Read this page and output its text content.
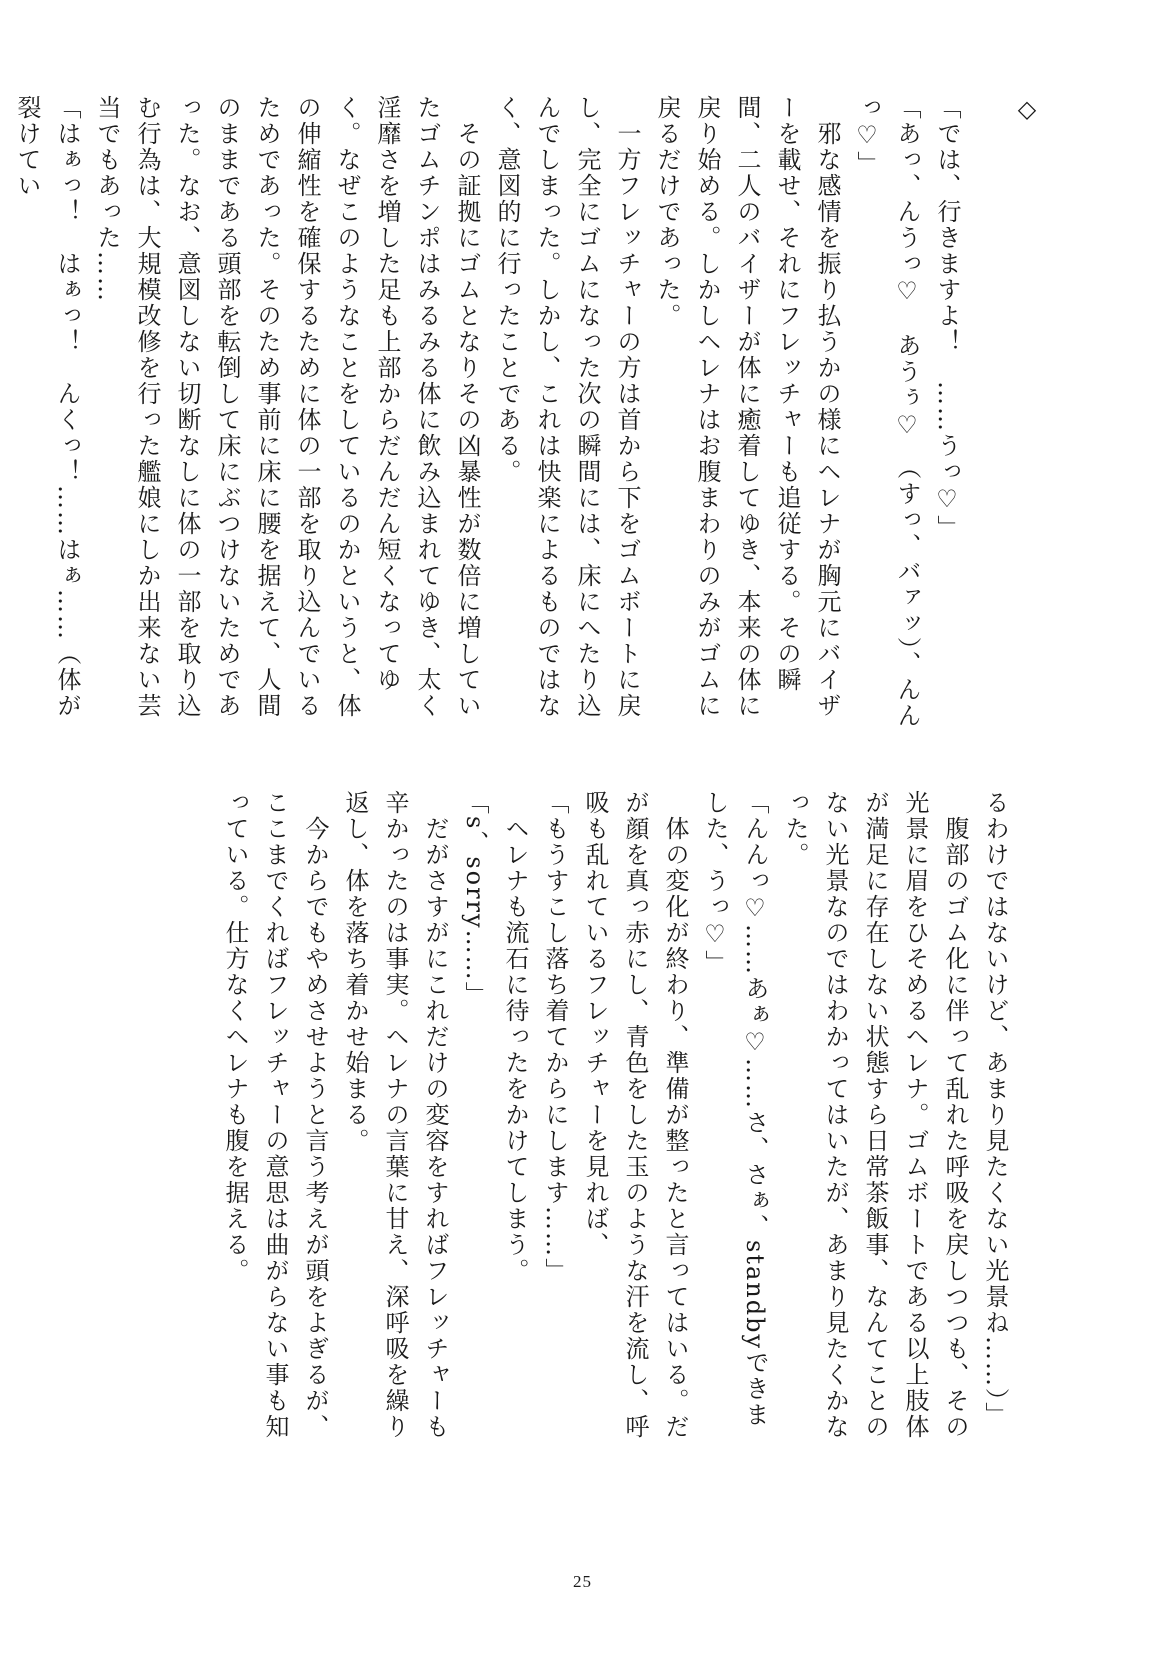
◇

「では、行きますよ！　……うっ♡」

「あっ、んうっ♡　あうぅ♡　（すっ、バァッ）、んんっ♡」

　邪な感情を振り払うかの様にヘレナが胸元にバイザーを載せ、それにフレッチャーも追従する。その瞬間、二人のバイザーが体に癒着してゆき、本来の体に戻り始める。しかしヘレナはお腹まわりのみがゴムに戻るだけであった。

　一方フレッチャーの方は首から下をゴムボートに戻し、完全にゴムになった次の瞬間には、床にへたり込んでしまった。しかし、これは快楽によるものではなく、意図的に行ったことである。

　その証拠にゴムとなりその凶暴性が数倍に増していたゴムチンポはみるみる体に飲み込まれてゆき、太く淫靡さを増した足も上部からだんだん短くなってゆく。なぜこのようなことをしているのかというと、体の伸縮性を確保するために体の一部を取り込んでいるためであった。そのため事前に床に腰を据えて、人間のままである頭部を転倒して床にぶつけないためであった。なお、意図しない切断なしに体の一部を取り込む行為は、大規模改修を行った艦娘にしか出来ない芸当でもあった……

「はぁっ！　はぁっ！　んくっ！……はぁ……（体が裂けてい

るわけではないけど、あまり見たくない光景ね……）」

　腹部のゴム化に伴って乱れた呼吸を戻しつつも、その光景に眉をひそめるヘレナ。ゴムボートである以上肢体が満足に存在しない状態すら日常茶飯事、なんてことのない光景なのではわかってはいたが、あまり見たくかなった。

「んんっ♡……あぁ♡……さ、さぁ、standbyできました、うっ♡」

　体の変化が終わり、準備が整ったと言ってはいる。だが顔を真っ赤にし、青色をした玉のような汗を流し、呼吸も乱れているフレッチャーを見れば、

「もうすこし落ち着てからにします……」

　ヘレナも流石に待ったをかけてしまう。

「s、sorry……」

　だがさすがにこれだけの変容をすればフレッチャーも辛かったのは事実。ヘレナの言葉に甘え、深呼吸を繰り返し、体を落ち着かせ始まる。

　今からでもやめさせようと言う考えが頭をよぎるが、ここまでくればフレッチャーの意思は曲がらない事も知っている。仕方なくヘレナも腹を据える。

25
